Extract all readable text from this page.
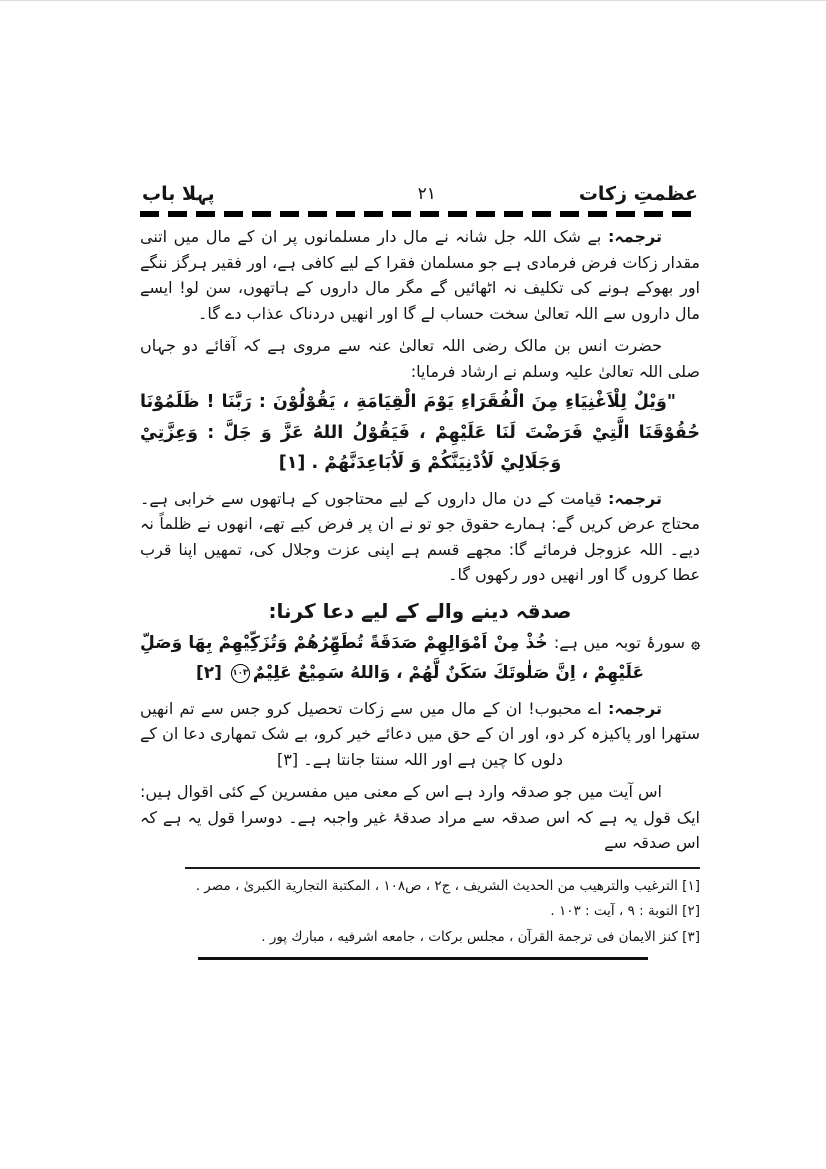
عظمتِ زکات
۲۱
پہلا باب

ترجمہ: بے شک اللہ جل شانہ نے مال دار مسلمانوں پر ان کے مال میں اتنی مقدار زکات فرض فرمادی ہے جو مسلمان فقرا کے لیے کافی ہے، اور فقیر ہرگز ننگے اور بھوکے ہونے کی تکلیف نہ اٹھائیں گے مگر مال داروں کے ہاتھوں، سن لو! ایسے مال داروں سے اللہ تعالیٰ سخت حساب لے گا اور انھیں دردناک عذاب دے گا۔

حضرت انس بن مالک رضی اللہ تعالیٰ عنہ سے مروی ہے کہ آقائے دو جہاں صلی اللہ تعالیٰ علیہ وسلم نے ارشاد فرمایا:

"وَيْلٌ لِلْاَغْنِيَاءِ مِنَ الْفُقَرَاءِ يَوْمَ الْقِيَامَةِ ، يَقُوْلُوْنَ : رَبَّنَا ! ظَلَمُوْنَا حُقُوْقَنَا الَّتِيْ فَرَضْتَ لَنَا عَلَيْهِمْ ، فَيَقُوْلُ اللهُ عَزَّ وَ جَلَّ : وَعِزَّتِيْ وَجَلَالِيْ لَاُدْنِيَنَّكُمْ وَ لَاُبَاعِدَنَّهُمْ . [۱]

ترجمہ: قیامت کے دن مال داروں کے لیے محتاجوں کے ہاتھوں سے خرابی ہے۔ محتاج عرض کریں گے: ہمارے حقوق جو تو نے ان پر فرض کیے تھے، انھوں نے ظلماً نہ دیے۔ اللہ عزوجل فرمائے گا: مجھے قسم ہے اپنی عزت وجلال کی، تمھیں اپنا قرب عطا کروں گا اور انھیں دور رکھوں گا۔

صدقہ دینے والے کے لیے دعا کرنا:

۞ سورۂ توبہ میں ہے: خُذْ مِنْ اَمْوَالِهِمْ صَدَقَةً تُطَهِّرُهُمْ وَتُزَكِّيْهِمْ بِهَا وَصَلِّ عَلَيْهِمْ ، اِنَّ صَلٰوتَكَ سَكَنٌ لَّهُمْ ، وَاللهُ سَمِيْعٌ عَلِيْمٌ۱۰۳ [۲]

ترجمہ: اے محبوب! ان کے مال میں سے زکات تحصیل کرو جس سے تم انھیں ستھرا اور پاکیزہ کر دو، اور ان کے حق میں دعائے خیر کرو، بے شک تمھاری دعا ان کے دلوں کا چین ہے اور اللہ سنتا جانتا ہے۔ [۳]

اس آیت میں جو صدقہ وارد ہے اس کے معنی میں مفسرین کے کئی اقوال ہیں: ایک قول یہ ہے کہ اس صدقہ سے مراد صدقۂ غیر واجبہ ہے۔ دوسرا قول یہ ہے کہ اس صدقہ سے

[۱] الترغيب والترهيب من الحديث الشريف ، ج۲ ، ص۱۰۸ ، المكتبة التجارية الكبرىٰ ، مصر .

[۲] التوبة : ۹ ، آيت : ۱۰۳ .

[۳] كنز الايمان فى ترجمة القرآن ، مجلس بركات ، جامعه اشرفيه ، مبارك پور .
